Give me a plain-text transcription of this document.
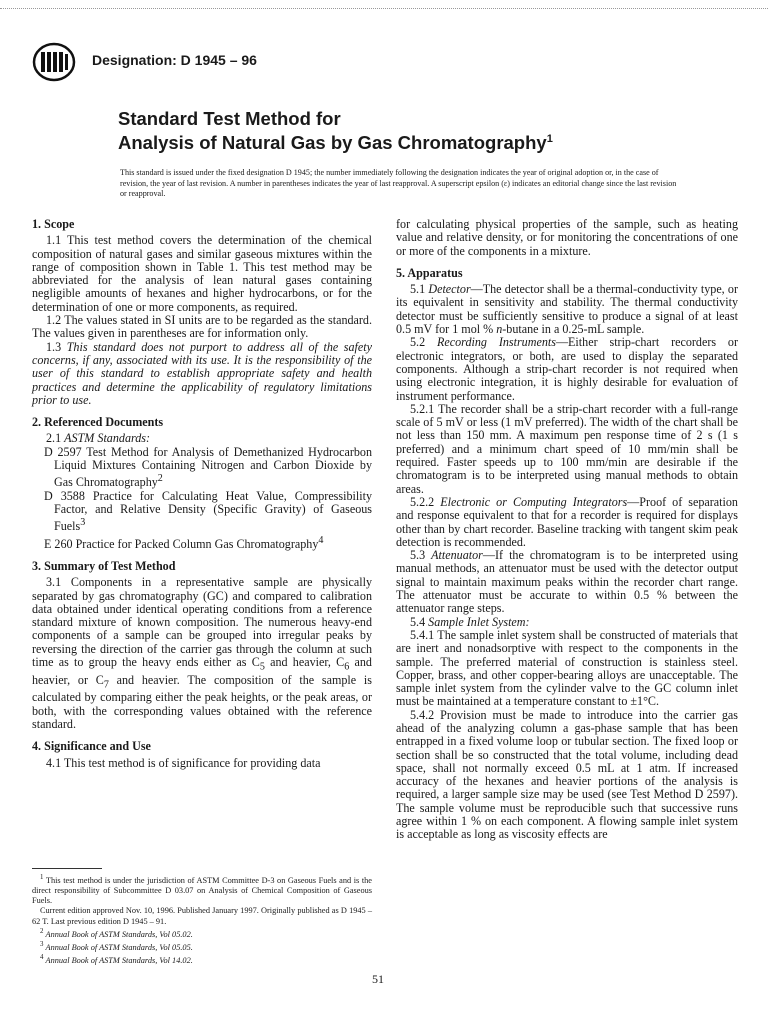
Designation: D 1945 – 96
Standard Test Method for
Analysis of Natural Gas by Gas Chromatography$^1$
This standard is issued under the fixed designation D 1945; the number immediately following the designation indicates the year of original adoption or, in the case of revision, the year of last revision. A number in parentheses indicates the year of last reapproval. A superscript epsilon (ε) indicates an editorial change since the last revision or reapproval.
1. Scope

1.1 This test method covers the determination of the chemical composition of natural gases and similar gaseous mixtures within the range of composition shown in Table 1. This test method may be abbreviated for the analysis of lean natural gases containing negligible amounts of hexanes and higher hydrocarbons, or for the determination of one or more components, as required.

1.2 The values stated in SI units are to be regarded as the standard. The values given in parentheses are for information only.

1.3 This standard does not purport to address all of the safety concerns, if any, associated with its use. It is the responsibility of the user of this standard to establish appropriate safety and health practices and determine the applicability of regulatory limitations prior to use.

2. Referenced Documents

2.1 ASTM Standards:

D 2597 Test Method for Analysis of Demethanized Hydrocarbon Liquid Mixtures Containing Nitrogen and Carbon Dioxide by Gas Chromatography$^2$
D 3588 Practice for Calculating Heat Value, Compressibility Factor, and Relative Density (Specific Gravity) of Gaseous Fuels$^3$
E 260 Practice for Packed Column Gas Chromatography$^4$
3. Summary of Test Method

3.1 Components in a representative sample are physically separated by gas chromatography (GC) and compared to calibration data obtained under identical operating conditions from a reference standard mixture of known composition. The numerous heavy-end components of a sample can be grouped into irregular peaks by reversing the direction of the carrier gas through the column at such time as to group the heavy ends either as $C_5$ and heavier, $C_6$ and heavier, or $C_7$ and heavier. The composition of the sample is calculated by comparing either the peak heights, or the peak areas, or both, with the corresponding values obtained with the reference standard.

4. Significance and Use

4.1 This test method is of significance for providing data

for calculating physical properties of the sample, such as heating value and relative density, or for monitoring the concentrations of one or more of the components in a mixture.

5. Apparatus

5.1 Detector—The detector shall be a thermal-conductivity type, or its equivalent in sensitivity and stability. The thermal conductivity detector must be sufficiently sensitive to produce a signal of at least 0.5 mV for 1 mol % n-butane in a 0.25-mL sample.

5.2 Recording Instruments—Either strip-chart recorders or electronic integrators, or both, are used to display the separated components. Although a strip-chart recorder is not required when using electronic integration, it is highly desirable for evaluation of instrument performance.

5.2.1 The recorder shall be a strip-chart recorder with a full-range scale of 5 mV or less (1 mV preferred). The width of the chart shall be not less than 150 mm. A maximum pen response time of 2 s (1 s preferred) and a minimum chart speed of 10 mm/min shall be required. Faster speeds up to 100 mm/min are desirable if the chromatogram is to be interpreted using manual methods to obtain areas.

5.2.2 Electronic or Computing Integrators—Proof of separation and response equivalent to that for a recorder is required for displays other than by chart recorder. Baseline tracking with tangent skim peak detection is recommended.

5.3 Attenuator—If the chromatogram is to be interpreted using manual methods, an attenuator must be used with the detector output signal to maintain maximum peaks within the recorder chart range. The attenuator must be accurate to within 0.5 % between the attenuator range steps.

5.4 Sample Inlet System:

5.4.1 The sample inlet system shall be constructed of materials that are inert and nonadsorptive with respect to the components in the sample. The preferred material of construction is stainless steel. Copper, brass, and other copper-bearing alloys are unacceptable. The sample inlet system from the cylinder valve to the GC column inlet must be maintained at a temperature constant to ±1°C.

5.4.2 Provision must be made to introduce into the carrier gas ahead of the analyzing column a gas-phase sample that has been entrapped in a fixed volume loop or tubular section. The fixed loop or section shall be so constructed that the total volume, including dead space, shall not normally exceed 0.5 mL at 1 atm. If increased accuracy of the hexanes and heavier portions of the analysis is required, a larger sample size may be used (see Test Method D 2597). The sample volume must be reproducible such that successive runs agree within 1 % on each component. A flowing sample inlet system is acceptable as long as viscosity effects are

$^1$ This test method is under the jurisdiction of ASTM Committee D-3 on Gaseous Fuels and is the direct responsibility of Subcommittee D 03.07 on Analysis of Chemical Composition of Gaseous Fuels.
Current edition approved Nov. 10, 1996. Published January 1997. Originally published as D 1945 – 62 T. Last previous edition D 1945 – 91.
$^2$ Annual Book of ASTM Standards, Vol 05.02.
$^3$ Annual Book of ASTM Standards, Vol 05.05.
$^4$ Annual Book of ASTM Standards, Vol 14.02.
51
